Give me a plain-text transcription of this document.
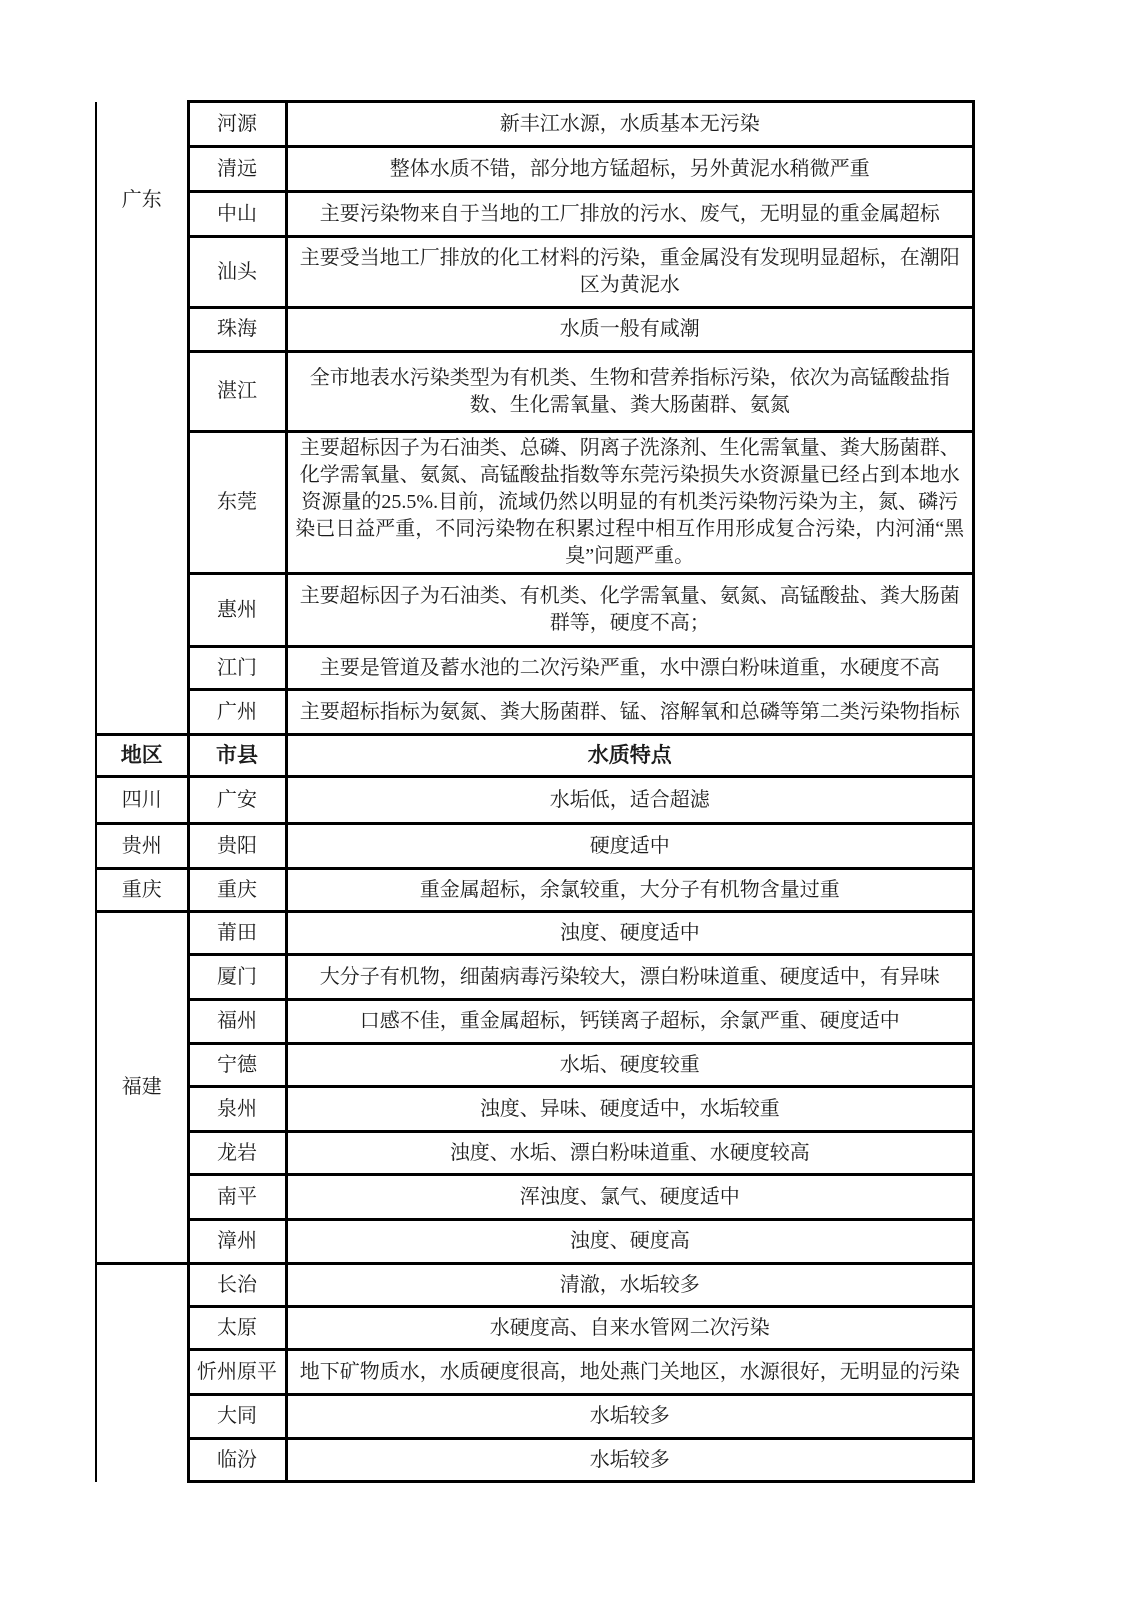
广东	河源	新丰江水源，水质基本无污染
	清远	整体水质不错，部分地方锰超标，另外黄泥水稍微严重
	中山	主要污染物来自于当地的工厂排放的污水、废气，无明显的重金属超标
	汕头	主要受当地工厂排放的化工材料的污染，重金属没有发现明显超标，在潮阳区为黄泥水
	珠海	水质一般有咸潮
	湛江	全市地表水污染类型为有机类、生物和营养指标污染，依次为高锰酸盐指数、生化需氧量、粪大肠菌群、氨氮
	东莞	主要超标因子为石油类、总磷、阴离子洗涤剂、生化需氧量、粪大肠菌群、化学需氧量、氨氮、高锰酸盐指数等东莞污染损失水资源量已经占到本地水资源量的25.5%.目前，流域仍然以明显的有机类污染物污染为主，氮、磷污染已日益严重，不同污染物在积累过程中相互作用形成复合污染，内河涌“黑臭”问题严重。
	惠州	主要超标因子为石油类、有机类、化学需氧量、氨氮、高锰酸盐、粪大肠菌群等，硬度不高；
	江门	主要是管道及蓄水池的二次污染严重，水中漂白粉味道重，水硬度不高
	广州	主要超标指标为氨氮、粪大肠菌群、锰、溶解氧和总磷等第二类污染物指标
地区	市县	水质特点
四川	广安	水垢低，适合超滤
贵州	贵阳	硬度适中
重庆	重庆	重金属超标，余氯较重，大分子有机物含量过重
福建	莆田	浊度、硬度适中
	厦门	大分子有机物，细菌病毒污染较大，漂白粉味道重、硬度适中，有异味
	福州	口感不佳，重金属超标，钙镁离子超标，余氯严重、硬度适中
	宁德	水垢、硬度较重
	泉州	浊度、异味、硬度适中，水垢较重
	龙岩	浊度、水垢、漂白粉味道重、水硬度较高
	南平	浑浊度、氯气、硬度适中
	漳州	浊度、硬度高
	长治	清澈，水垢较多
	太原	水硬度高、自来水管网二次污染
	忻州原平	地下矿物质水，水质硬度很高，地处燕门关地区，水源很好，无明显的污染
	大同	水垢较多
	临汾	水垢较多
